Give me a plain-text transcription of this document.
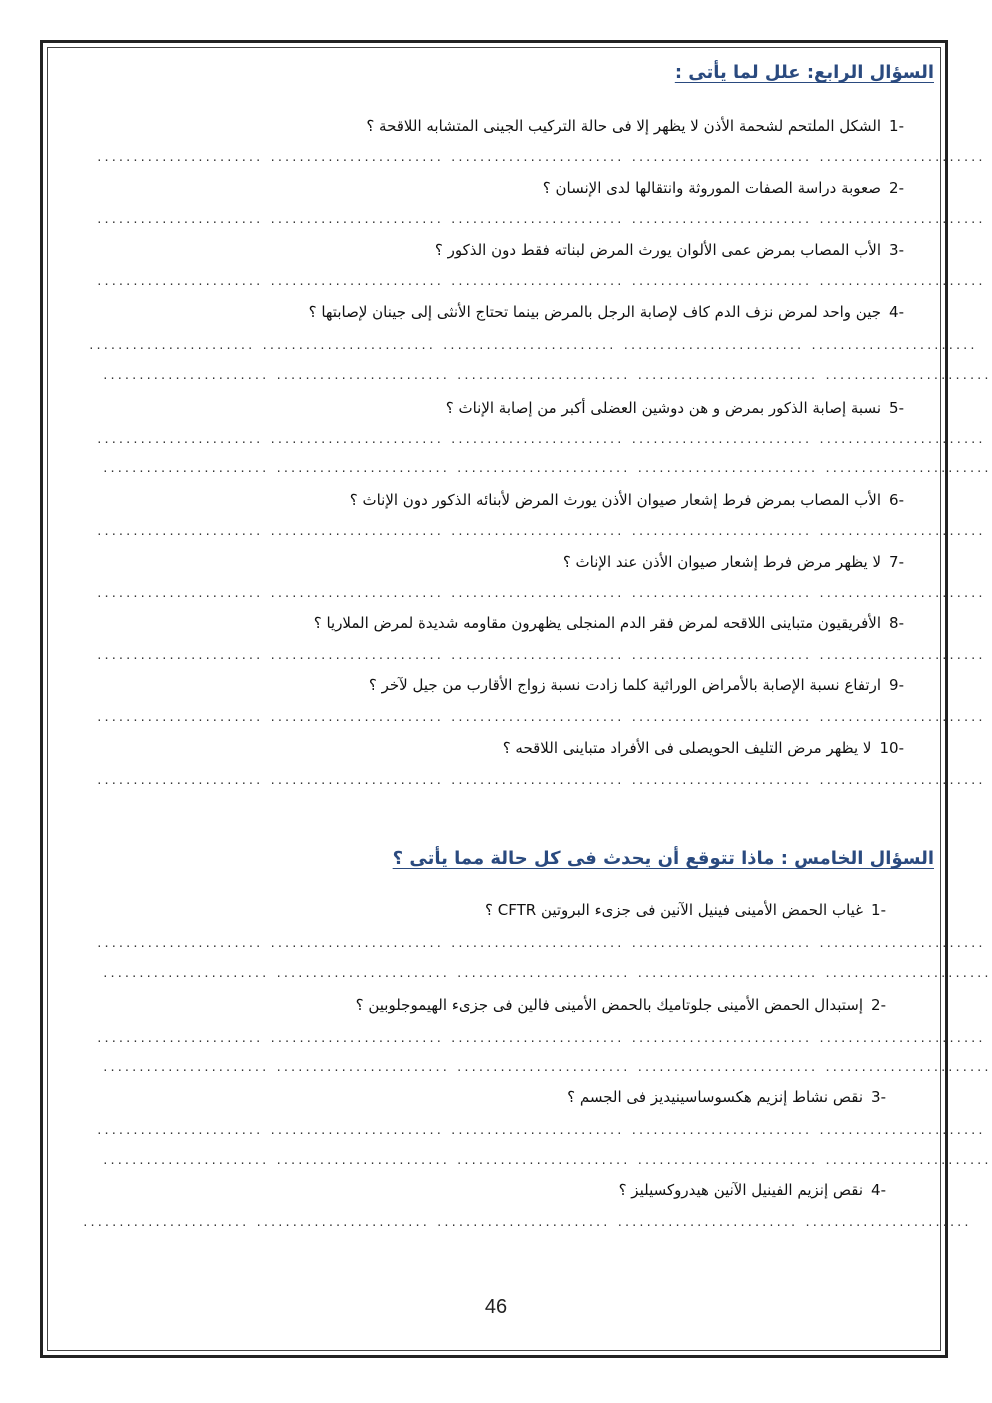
السؤال الرابع: علل لما يأتى :
-1الشكل الملتحم لشحمة الأذن لا يظهر إلا فى حالة التركيب الجينى المتشابه اللاقحة ؟
....................... ........................ ........................ ......................... .......................
-2صعوبة دراسة الصفات الموروثة وانتقالها لدى الإنسان ؟
....................... ........................ ........................ ......................... .......................
-3الأب المصاب بمرض عمى الألوان يورث المرض لبناته فقط دون الذكور ؟
....................... ........................ ........................ ......................... .......................
-4جين واحد لمرض نزف الدم كاف لإصابة الرجل بالمرض بينما تحتاج الأنثى إلى جينان لإصابتها ؟
....................... ........................ ........................ ......................... .......................
....................... ........................ ........................ ......................... .......................
-5نسبة إصابة الذكور بمرض و هن دوشين العضلى أكبر من إصابة الإناث ؟
....................... ........................ ........................ ......................... .......................
....................... ........................ ........................ ......................... .......................
-6الأب المصاب بمرض فرط إشعار صيوان الأذن يورث المرض لأبنائه الذكور دون الإناث ؟
....................... ........................ ........................ ......................... .......................
-7لا يظهر مرض فرط إشعار صيوان الأذن عند الإناث ؟
....................... ........................ ........................ ......................... .......................
-8الأفريقيون متباينى اللاقحه لمرض فقر الدم المنجلى يظهرون مقاومه شديدة لمرض الملاريا ؟
....................... ........................ ........................ ......................... .......................
-9ارتفاع نسبة الإصابة بالأمراض الوراثية كلما زادت نسبة زواج الأقارب من جيل لآخر ؟
....................... ........................ ........................ ......................... .......................
-10لا يظهر مرض التليف الحويصلى فى الأفراد متباينى اللاقحه ؟
....................... ........................ ........................ ......................... .......................
السؤال الخامس : ماذا تتوقع أن يحدث فى كل حالة مما يأتى ؟
-1غياب الحمض الأمينى فينيل الآنين فى جزىء البروتين CFTR ؟
....................... ........................ ........................ ......................... .......................
....................... ........................ ........................ ......................... .......................
-2إستبدال الحمض الأمينى جلوتاميك بالحمض الأمينى فالين فى جزىء الهيموجلوبين ؟
....................... ........................ ........................ ......................... .......................
....................... ........................ ........................ ......................... .......................
-3نقص نشاط إنزيم هكسوساسينيديز فى الجسم ؟
....................... ........................ ........................ ......................... .......................
....................... ........................ ........................ ......................... .......................
-4نقص إنزيم الفينيل الآنين هيدروكسيليز ؟
....................... ........................ ........................ ......................... .......................
46
